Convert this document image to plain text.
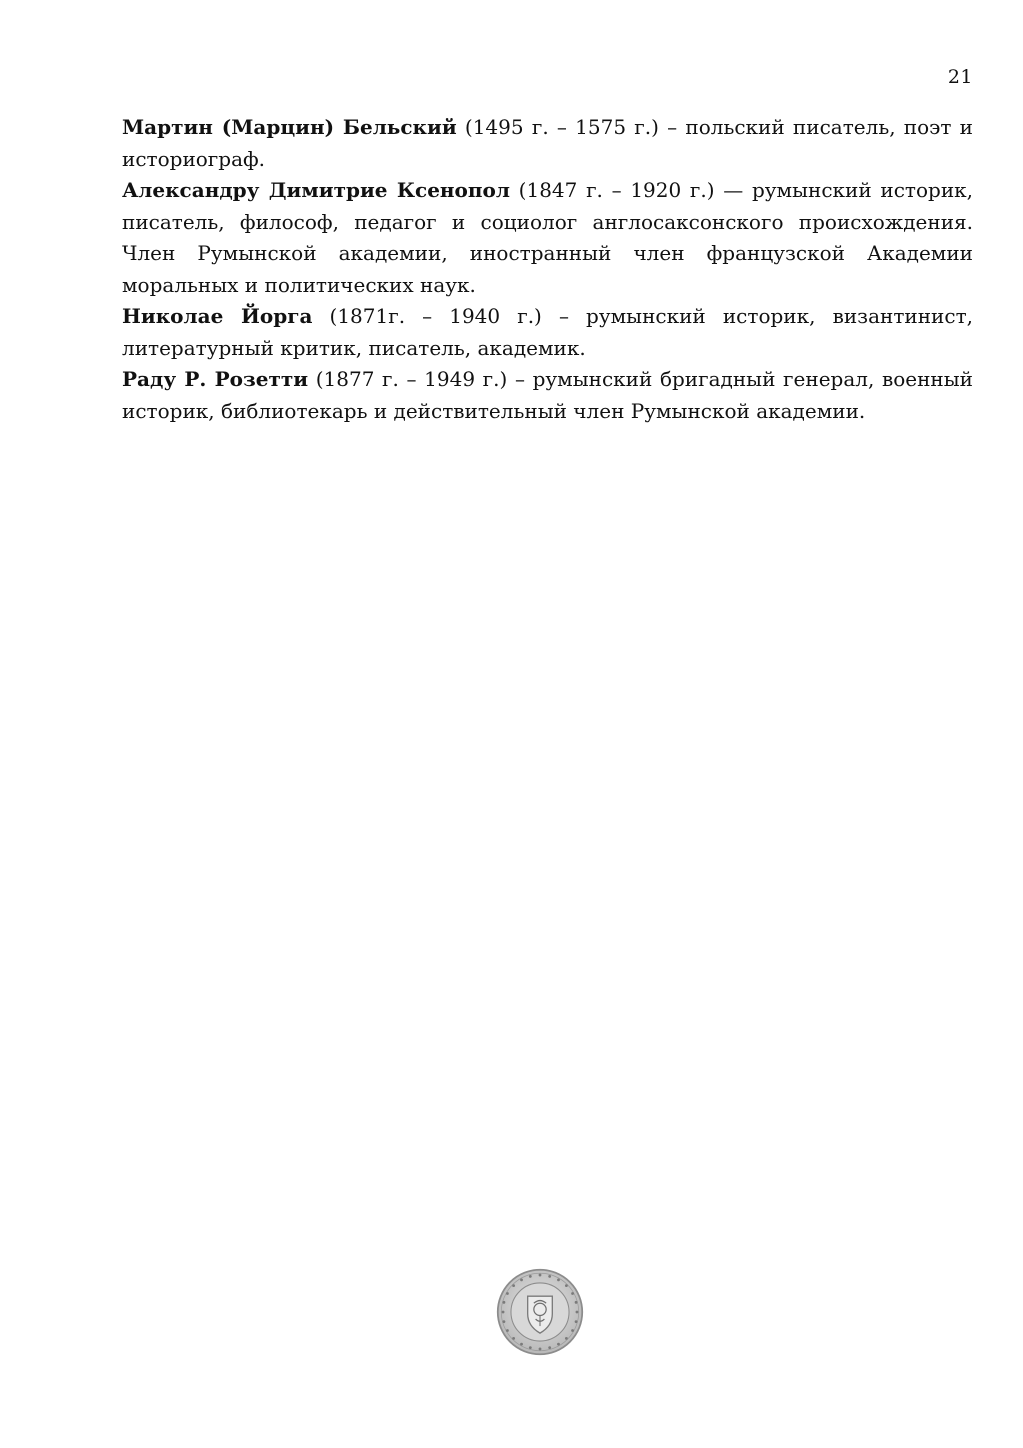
21

Мартин (Марцин) Бельский (1495 г. – 1575 г.) – польский писатель, поэт и историограф.

Александру Димитрие Ксенопол (1847 г. – 1920 г.) — румынский историк, писатель, философ, педагог и социолог англосаксонского происхождения. Член Румынской академии, иностранный член французской Академии моральных и политических наук.

Николае Йорга (1871г. – 1940 г.) – румынский историк, византинист, литературный критик, писатель, академик.

Раду Р. Розетти (1877 г. – 1949 г.) – румынский бригадный генерал, военный историк, библиотекарь и действительный член Румынской академии.
